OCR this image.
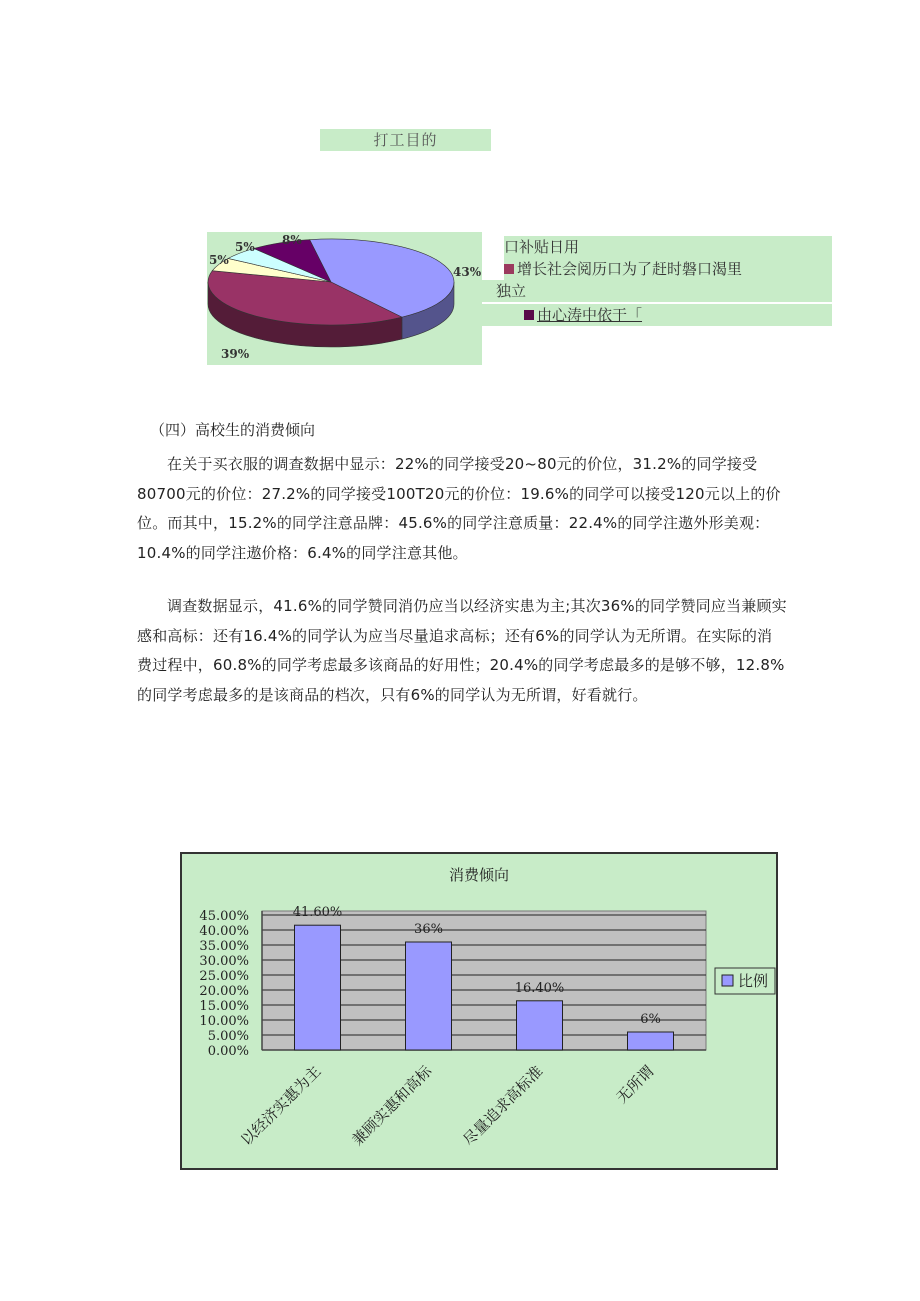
打工目的
43%
39%
5%
5% 8%	口补贴日用
增长社会阅历口为了赶时磐口渴里
独立
由心涛中依干「
（四）高校生的消费倾向
在关于买衣服的调查数据中显示：22%的同学接受20~80元的价位，31.2%的同学接受80700元的价位：27.2%的同学接受100T20元的价位：19.6%的同学可以接受120元以上的价位。而其中，15.2%的同学注意品牌：45.6%的同学注意质量：22.4%的同学注遨外形美观：10.4%的同学注遨价格：6.4%的同学注意其他。
调查数据显示，41.6%的同学赞同消仍应当以经济实患为主;其次36%的同学赞同应当兼顾实感和高标：还有16.4%的同学认为应当尽量追求高标；还有6%的同学认为无所谓。在实际的消费过程中，60.8%的同学考虑最多该商品的好用性；20.4%的同学考虑最多的是够不够，12.8%的同学考虑最多的是该商品的档次，只有6%的同学认为无所谓，好看就行。
消费倾向
0.00%
5.00%
10.00%
15.00%
20.00%
25.00%
30.00%
35.00%
40.00%
45.00%	41.60%
以经济实惠为主
36%
兼顾实惠和高标
16.40%
尽量追求高标准
6%
无所谓
比例
